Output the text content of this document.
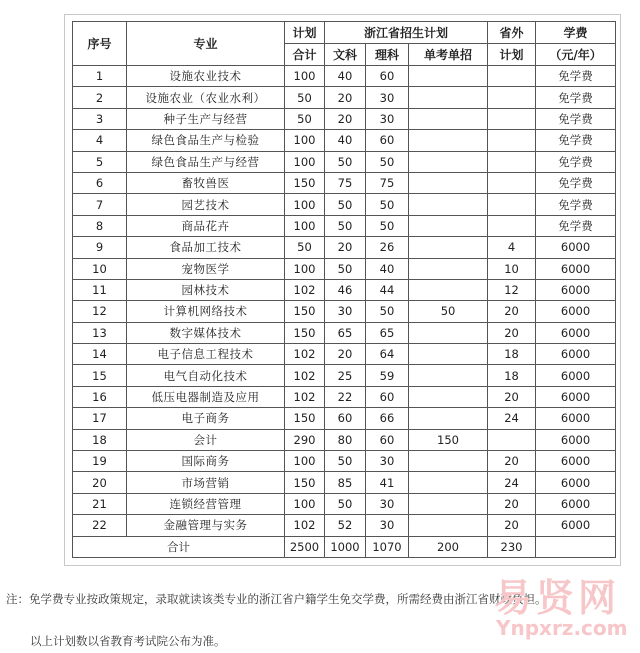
序号	专业	计划	浙江省招生计划			省外	学费
		合计	文科	理科	单考单招	计划	（元/年）
1	设施农业技术	100	40	60			免学费
2	设施农业（农业水利）	50	20	30			免学费
3	种子生产与经营	50	20	30			免学费
4	绿色食品生产与检验	100	40	60			免学费
5	绿色食品生产与经营	100	50	50			免学费
6	畜牧兽医	150	75	75			免学费
7	园艺技术	100	50	50			免学费
8	商品花卉	100	50	50			免学费
9	食品加工技术	50	20	26		4	6000
10	宠物医学	100	50	40		10	6000
11	园林技术	102	46	44		12	6000
12	计算机网络技术	150	30	50	50	20	6000
13	数字媒体技术	150	65	65		20	6000
14	电子信息工程技术	102	20	64		18	6000
15	电气自动化技术	102	25	59		18	6000
16	低压电器制造及应用	102	22	60		20	6000
17	电子商务	150	60	66		24	6000
18	会计	290	80	60	150		6000
19	国际商务	100	50	30		20	6000
20	市场营销	150	85	41		24	6000
21	连锁经营管理	100	50	30		20	6000
22	金融管理与实务	102	52	30		20	6000
合计		2500	1000	1070	200	230	
注：免学费专业按政策规定，录取就读该类专业的浙江省户籍学生免交学费，所需经费由浙江省财政负担。
以上计划数以省教育考试院公布为准。
易贤网
Ynpxrz.com
